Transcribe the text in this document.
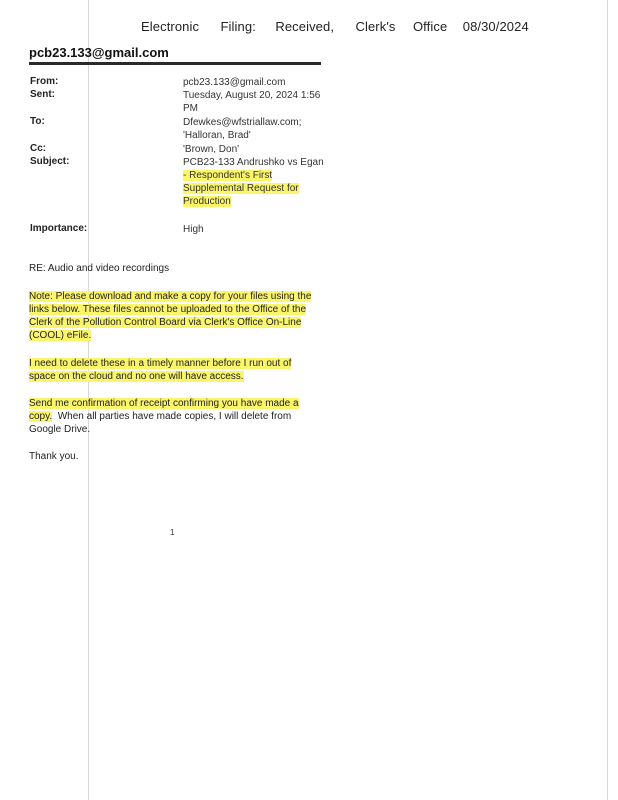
Electronic Filing: Received, Clerk's Office 08/30/2024
pcb23.133@gmail.com
From:	pcb23.133@gmail.com
Sent:	Tuesday, August 20, 2024 1:56
PM
To:	Dfewkes@wfstriallaw.com;
'Halloran, Brad'
Cc:	'Brown, Don'
Subject:	PCB23-133 Andrushko vs Egan
- Respondent's First
Supplemental Request for
Production
Importance:	High
RE: Audio and video recordings
Note: Please download and make a copy for your files using the
links below. These files cannot be uploaded to the Office of the
Clerk of the Pollution Control Board via Clerk's Office On-Line
(COOL) eFile.
I need to delete these in a timely manner before I run out of
space on the cloud and no one will have access.
Send me confirmation of receipt confirming you have made a
copy.  When all parties have made copies, I will delete from
Google Drive.
Thank you.
1
